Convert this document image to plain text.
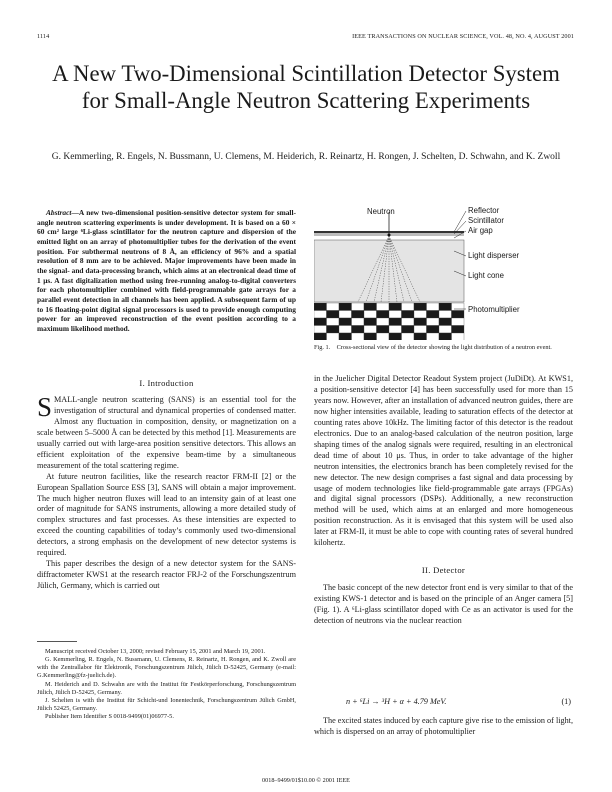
1114	IEEE TRANSACTIONS ON NUCLEAR SCIENCE, VOL. 48, NO. 4, AUGUST 2001
A New Two-Dimensional Scintillation Detector System for Small-Angle Neutron Scattering Experiments
G. Kemmerling, R. Engels, N. Bussmann, U. Clemens, M. Heiderich, R. Reinartz, H. Rongen, J. Schelten, D. Schwahn, and K. Zwoll

Abstract—A new two-dimensional position-sensitive detector system for small-angle neutron scattering experiments is under development. It is based on a 60 × 60 cm² large ⁶Li-glass scintillator for the neutron capture and dispersion of the emitted light on an array of photomultiplier tubes for the derivation of the event position. For subthermal neutrons of 8 Å, an efficiency of 96% and a spatial resolution of 8 mm are to be achieved. Major improvements have been made in the signal- and data-processing branch, which aims at an electronical dead time of 1 μs. A fast digitalization method using free-running analog-to-digital converters for each photomultiplier combined with field-programmable gate arrays for a parallel event detection in all channels has been applied. A subsequent farm of up to 16 floating-point digital signal processors is used to provide enough computing power for an improved reconstruction of the event position according to a maximum likelihood method.

I. Introduction

SMALL-angle neutron scattering (SANS) is an essential tool for the investigation of structural and dynamical properties of condensed matter. Almost any fluctuation in composition, density, or magnetization on a scale between 5–5000 Å can be detected by this method [1]. Measurements are usually carried out with large-area position sensitive detectors. This allows an efficient exploitation of the expensive beam-time by a simultaneous measurement of the total scattering regime.

At future neutron facilities, like the research reactor FRM-II [2] or the European Spallation Source ESS [3], SANS will obtain a major improvement. The much higher neutron fluxes will lead to an intensity gain of at least one order of magnitude for SANS instruments, allowing a more detailed study of complex structures and fast processes. As these intensities are expected to exceed the counting capabilities of today’s commonly used two-dimensional detectors, a strong emphasis on the development of new detector systems is required.

This paper describes the design of a new detector system for the SANS-diffractometer KWS1 at the research reactor FRJ-2 of the Forschungszentrum Jülich, Germany, which is carried out

Manuscript received October 13, 2000; revised February 15, 2001 and March 19, 2001.

G. Kemmerling, R. Engels, N. Bussmann, U. Clemens, R. Reinartz, H. Rongen, and K. Zwoll are with the Zentrallabor für Elektronik, Forschungszentrum Jülich, Jülich D-52425, Germany (e-mail: G.Kemmerling@fz-juelich.de).

M. Heiderich and D. Schwahn are with the Institut für Festkörperforschung, Forschungszentrum Jülich, Jülich D-52425, Germany.

J. Schelten is with the Institut für Schicht-und Ionentechnik, Forschungszentrum Jülich GmbH, Jülich 52425, Germany.

Publisher Item Identifier S 0018-9499(01)06977-5.

Neutron	Reflector
Scintillator
Air gap
Light disperser
Light cone
Photomultiplier
Fig. 1. Cross-sectional view of the detector showing the light distribution of a neutron event.

in the Juelicher Digital Detector Readout System project (JuDiDt). At KWS1, a position-sensitive detector [4] has been successfully used for more than 15 years now. However, after an installation of advanced neutron guides, there are now higher intensities available, leading to saturation effects of the detector at counting rates above 10kHz. The limiting factor of this detector is the readout electronics. Due to an analog-based calculation of the neutron position, large shaping times of the analog signals were required, resulting in an electronical dead time of about 10 μs. Thus, in order to take advantage of the higher neutron intensities, the electronics branch has been completely revised for the new detector. The new design comprises a fast signal and data processing by usage of modern technologies like field-programmable gate arrays (FPGAs) and digital signal processors (DSPs). Additionally, a new reconstruction method will be used, which aims at an enlarged and more homogeneous position reconstruction. As it is envisaged that this system will be used also later at FRM-II, it must be able to cope with counting rates of several hundred kilohertz.

II. Detector

The basic concept of the new detector front end is very similar to that of the existing KWS-1 detector and is based on the principle of an Anger camera [5] (Fig. 1). A ⁶Li-glass scintillator doped with Ce as an activator is used for the detection of neutrons via the nuclear reaction

n + ⁶Li → ³H + α + 4.79 MeV.	(1)

The excited states induced by each capture give rise to the emission of light, which is dispersed on an array of photomultiplier

0018–9499/01$10.00 © 2001 IEEE
